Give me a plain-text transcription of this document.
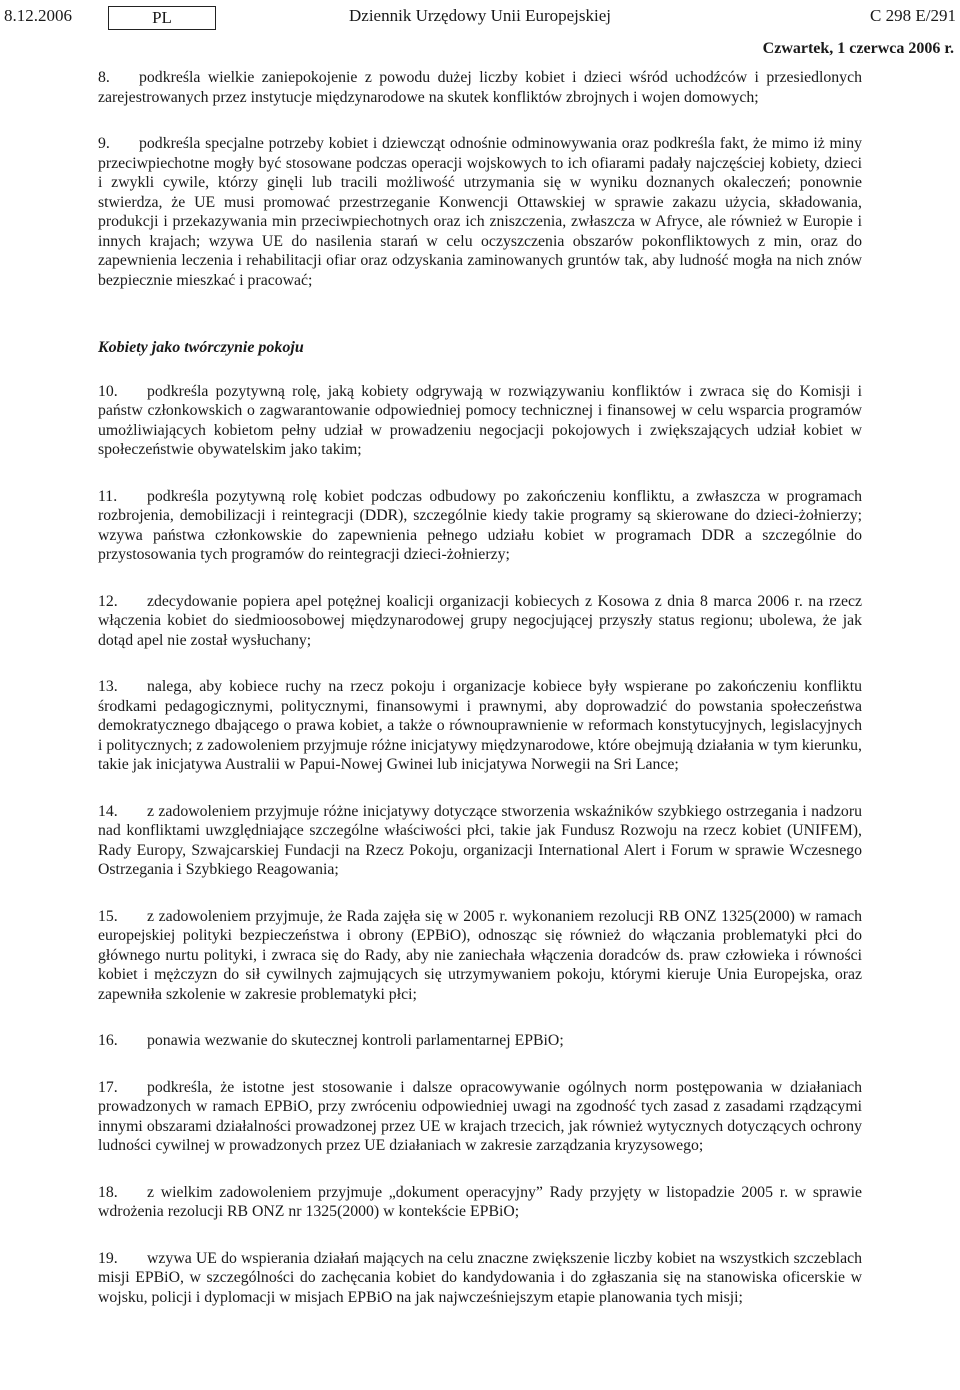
8.12.2006	PL	Dziennik Urzędowy Unii Europejskiej	C 298 E/291
Czwartek, 1 czerwca 2006 r.

8. podkreśla wielkie zaniepokojenie z powodu dużej liczby kobiet i dzieci wśród uchodźców i przesiedlonych zarejestrowanych przez instytucje międzynarodowe na skutek konfliktów zbrojnych i wojen domowych;

9. podkreśla specjalne potrzeby kobiet i dziewcząt odnośnie odminowywania oraz podkreśla fakt, że mimo iż miny przeciwpiechotne mogły być stosowane podczas operacji wojskowych to ich ofiarami padały najczęściej kobiety, dzieci i zwykli cywile, którzy ginęli lub tracili możliwość utrzymania się w wyniku doznanych okaleczeń; ponownie stwierdza, że UE musi promować przestrzeganie Konwencji Ottawskiej w sprawie zakazu użycia, składowania, produkcji i przekazywania min przeciwpiechotnych oraz ich zniszczenia, zwłaszcza w Afryce, ale również w Europie i innych krajach; wzywa UE do nasilenia starań w celu oczyszczenia obszarów pokonfliktowych z min, oraz do zapewnienia leczenia i rehabilitacji ofiar oraz odzyskania zaminowanych gruntów tak, aby ludność mogła na nich znów bezpiecznie mieszkać i pracować;

Kobiety jako twórczynie pokoju

10. podkreśla pozytywną rolę, jaką kobiety odgrywają w rozwiązywaniu konfliktów i zwraca się do Komisji i państw członkowskich o zagwarantowanie odpowiedniej pomocy technicznej i finansowej w celu wsparcia programów umożliwiających kobietom pełny udział w prowadzeniu negocjacji pokojowych i zwiększających udział kobiet w społeczeństwie obywatelskim jako takim;

11. podkreśla pozytywną rolę kobiet podczas odbudowy po zakończeniu konfliktu, a zwłaszcza w programach rozbrojenia, demobilizacji i reintegracji (DDR), szczególnie kiedy takie programy są skierowane do dzieci-żołnierzy; wzywa państwa członkowskie do zapewnienia pełnego udziału kobiet w programach DDR a szczególnie do przystosowania tych programów do reintegracji dzieci-żołnierzy;

12. zdecydowanie popiera apel potężnej koalicji organizacji kobiecych z Kosowa z dnia 8 marca 2006 r. na rzecz włączenia kobiet do siedmioosobowej międzynarodowej grupy negocjującej przyszły status regionu; ubolewa, że jak dotąd apel nie został wysłuchany;

13. nalega, aby kobiece ruchy na rzecz pokoju i organizacje kobiece były wspierane po zakończeniu konfliktu środkami pedagogicznymi, politycznymi, finansowymi i prawnymi, aby doprowadzić do powstania społeczeństwa demokratycznego dbającego o prawa kobiet, a także o równouprawnienie w reformach konstytucyjnych, legislacyjnych i politycznych; z zadowoleniem przyjmuje różne inicjatywy międzynarodowe, które obejmują działania w tym kierunku, takie jak inicjatywa Australii w Papui-Nowej Gwinei lub inicjatywa Norwegii na Sri Lance;

14. z zadowoleniem przyjmuje różne inicjatywy dotyczące stworzenia wskaźników szybkiego ostrzegania i nadzoru nad konfliktami uwzględniające szczególne właściwości płci, takie jak Fundusz Rozwoju na rzecz kobiet (UNIFEM), Rady Europy, Szwajcarskiej Fundacji na Rzecz Pokoju, organizacji International Alert i Forum w sprawie Wczesnego Ostrzegania i Szybkiego Reagowania;

15. z zadowoleniem przyjmuje, że Rada zajęła się w 2005 r. wykonaniem rezolucji RB ONZ 1325(2000) w ramach europejskiej polityki bezpieczeństwa i obrony (EPBiO), odnosząc się również do włączania problematyki płci do głównego nurtu polityki, i zwraca się do Rady, aby nie zaniechała włączenia doradców ds. praw człowieka i równości kobiet i mężczyzn do sił cywilnych zajmujących się utrzymywaniem pokoju, którymi kieruje Unia Europejska, oraz zapewniła szkolenie w zakresie problematyki płci;

16. ponawia wezwanie do skutecznej kontroli parlamentarnej EPBiO;

17. podkreśla, że istotne jest stosowanie i dalsze opracowywanie ogólnych norm postępowania w działaniach prowadzonych w ramach EPBiO, przy zwróceniu odpowiedniej uwagi na zgodność tych zasad z zasadami rządzącymi innymi obszarami działalności prowadzonej przez UE w krajach trzecich, jak również wytycznych dotyczących ochrony ludności cywilnej w prowadzonych przez UE działaniach w zakresie zarządzania kryzysowego;

18. z wielkim zadowoleniem przyjmuje „dokument operacyjny” Rady przyjęty w listopadzie 2005 r. w sprawie wdrożenia rezolucji RB ONZ nr 1325(2000) w kontekście EPBiO;

19. wzywa UE do wspierania działań mających na celu znaczne zwiększenie liczby kobiet na wszystkich szczeblach misji EPBiO, w szczególności do zachęcania kobiet do kandydowania i do zgłaszania się na stanowiska oficerskie w wojsku, policji i dyplomacji w misjach EPBiO na jak najwcześniejszym etapie planowania tych misji;
